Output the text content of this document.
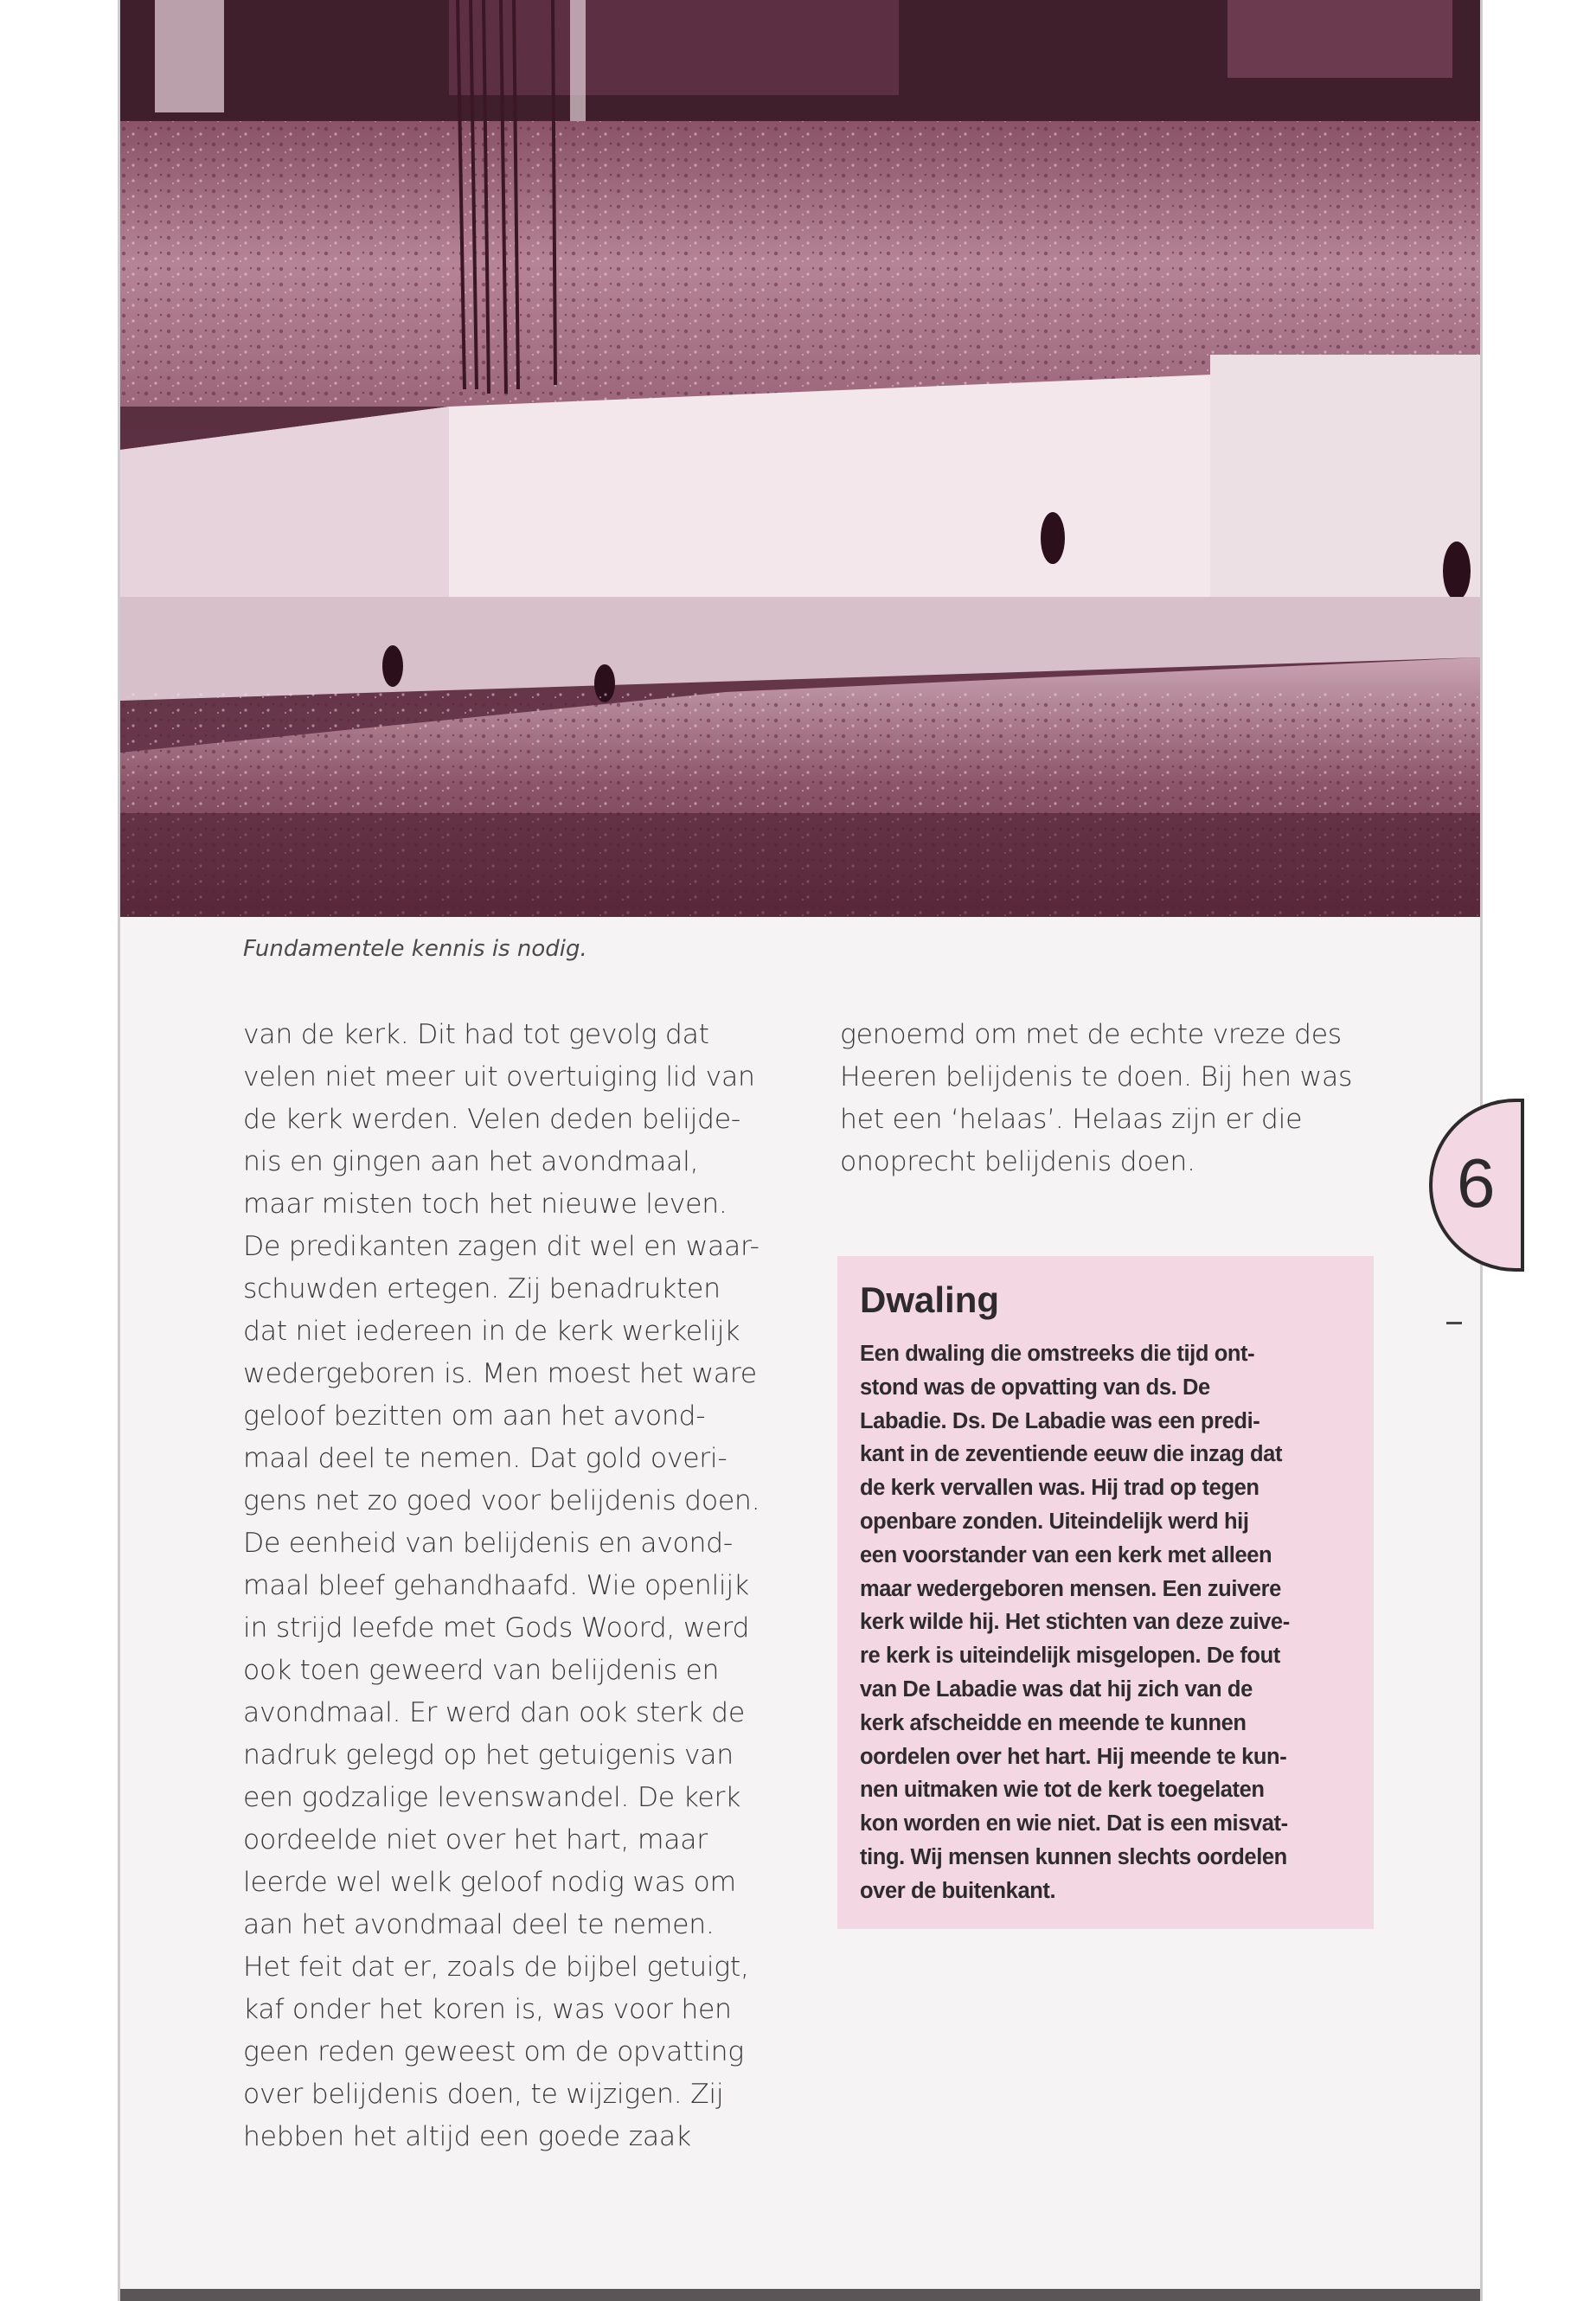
Fundamentele kennis is nodig.
van de kerk. Dit had tot gevolg dat
velen niet meer uit overtuiging lid van
de kerk werden. Velen deden belijde-
nis en gingen aan het avondmaal,
maar misten toch het nieuwe leven.
De predikanten zagen dit wel en waar-
schuwden ertegen. Zij benadrukten
dat niet iedereen in de kerk werkelijk
wedergeboren is. Men moest het ware
geloof bezitten om aan het avond-
maal deel te nemen. Dat gold overi-
gens net zo goed voor belijdenis doen.
De eenheid van belijdenis en avond-
maal bleef gehandhaafd. Wie openlijk
in strijd leefde met Gods Woord, werd
ook toen geweerd van belijdenis en
avondmaal. Er werd dan ook sterk de
nadruk gelegd op het getuigenis van
een godzalige levenswandel. De kerk
oordeelde niet over het hart, maar
leerde wel welk geloof nodig was om
aan het avondmaal deel te nemen.
Het feit dat er, zoals de bijbel getuigt,
kaf onder het koren is, was voor hen
geen reden geweest om de opvatting
over belijdenis doen, te wijzigen. Zij
hebben het altijd een goede zaak
genoemd om met de echte vreze des
Heeren belijdenis te doen. Bij hen was
het een ‘helaas’. Helaas zijn er die
onoprecht belijdenis doen.
Dwaling
Een dwaling die omstreeks die tijd ont-
stond was de opvatting van ds. De
Labadie. Ds. De Labadie was een predi-
kant in de zeventiende eeuw die inzag dat
de kerk vervallen was. Hij trad op tegen
openbare zonden. Uiteindelijk werd hij
een voorstander van een kerk met alleen
maar wedergeboren mensen. Een zuivere
kerk wilde hij. Het stichten van deze zuive-
re kerk is uiteindelijk misgelopen. De fout
van De Labadie was dat hij zich van de
kerk afscheidde en meende te kunnen
oordelen over het hart. Hij meende te kun-
nen uitmaken wie tot de kerk toegelaten
kon worden en wie niet. Dat is een misvat-
ting. Wij mensen kunnen slechts oordelen
over de buitenkant.
6
